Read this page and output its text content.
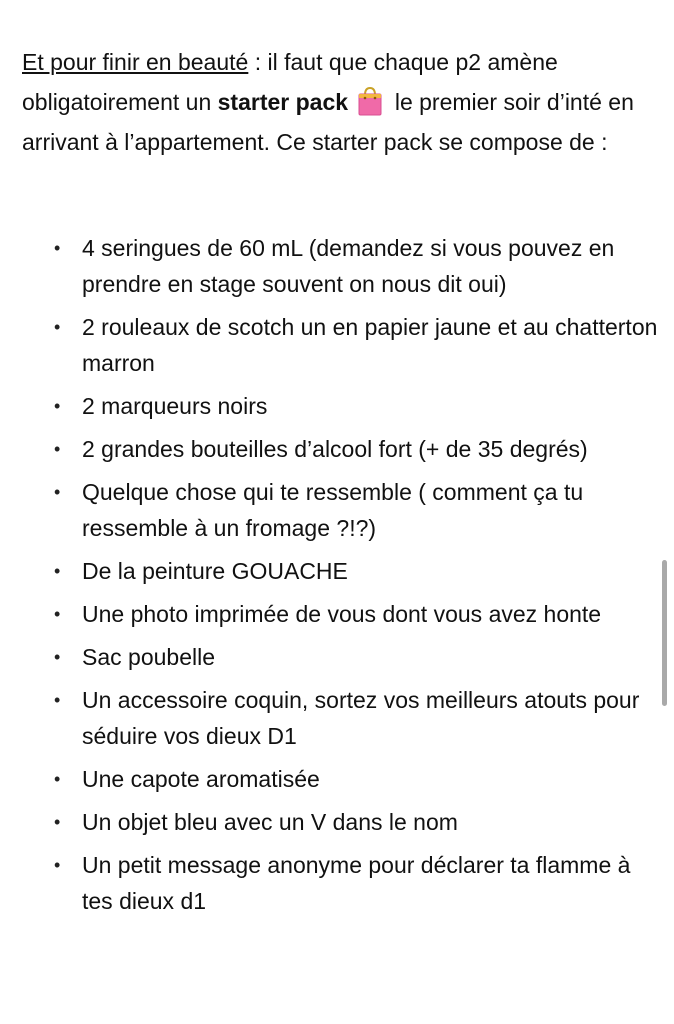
Et pour finir en beauté : il faut que chaque p2 amène obligatoirement un starter pack
le premier soir d’inté en arrivant à l’appartement. Ce starter pack se compose de :

• 4 seringues de 60 mL (demandez si vous pouvez en prendre en stage souvent on nous dit oui)
• 2 rouleaux de scotch un en papier jaune et au chatterton marron
• 2 marqueurs noirs
• 2 grandes bouteilles d’alcool fort (+ de 35 degrés)
• Quelque chose qui te ressemble ( comment ça tu ressemble à un fromage ?!?)
• De la peinture GOUACHE
• Une photo imprimée de vous dont vous avez honte
• Sac poubelle
• Un accessoire coquin, sortez vos meilleurs atouts pour séduire vos dieux D1
• Une capote aromatisée
• Un objet bleu avec un V dans le nom
• Un petit message anonyme pour déclarer ta flamme à tes dieux d1
